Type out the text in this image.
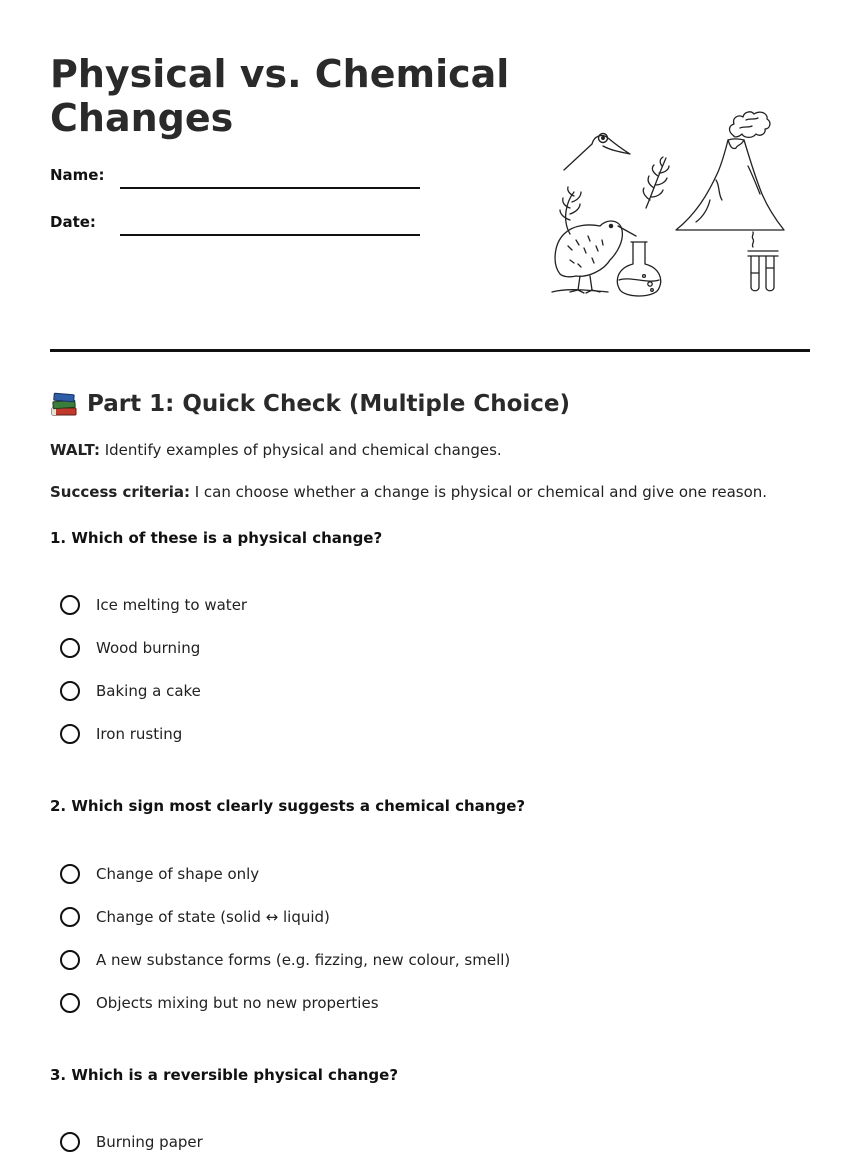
Physical vs. Chemical Changes
Name:
Date:
Part 1: Quick Check (Multiple Choice)

WALT: Identify examples of physical and chemical changes.

Success criteria: I can choose whether a change is physical or chemical and give one reason.

1. Which of these is a physical change?
Ice melting to water
Wood burning
Baking a cake
Iron rusting
2. Which sign most clearly suggests a chemical change?
Change of shape only
Change of state (solid ↔ liquid)
A new substance forms (e.g. fizzing, new colour, smell)
Objects mixing but no new properties
3. Which is a reversible physical change?
Burning paper
